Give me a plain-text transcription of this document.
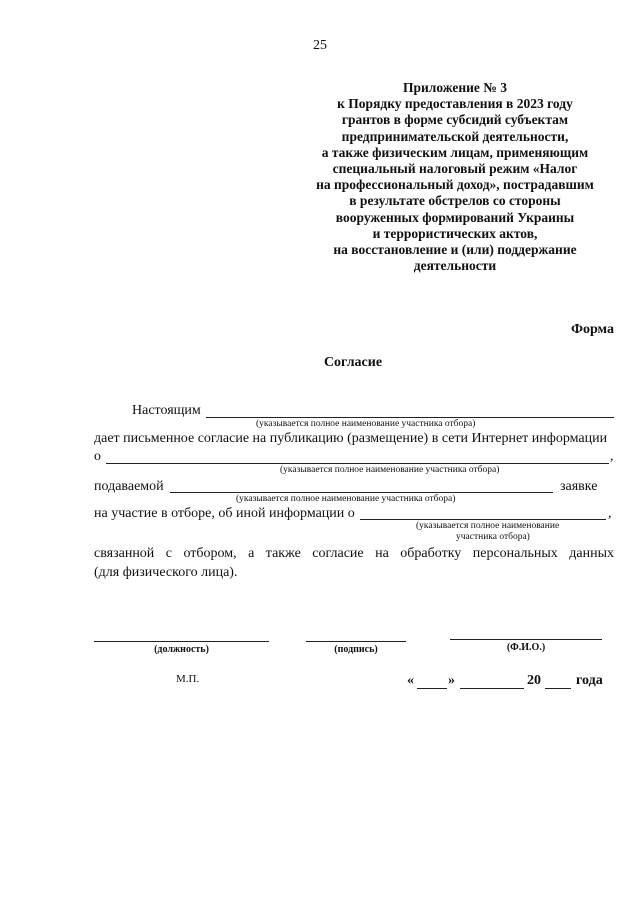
25
Приложение № 3
к Порядку предоставления в 2023 году
грантов в форме субсидий субъектам
предпринимательской деятельности,
а также физическим лицам, применяющим
специальный налоговый режим «Налог
на профессиональный доход», пострадавшим
в результате обстрелов со стороны
вооруженных формирований Украины
и террористических актов,
на восстановление и (или) поддержание
деятельности
Форма
Согласие
Настоящим
(указывается полное наименование участника отбора)
дает письменное согласие на публикацию (размещение) в сети Интернет информации
о	,
(указывается полное наименование участника отбора)
подаваемой	заявке
(указывается полное наименование участника отбора)
на участие в отборе, об иной информации о	,
(указывается полное наименование
участника отбора)
связанной с отбором, а также согласие на обработку персональных данных
(для физического лица).
(должность)	(подпись)	(Ф.И.О.)
М.П.	« »	20	года
